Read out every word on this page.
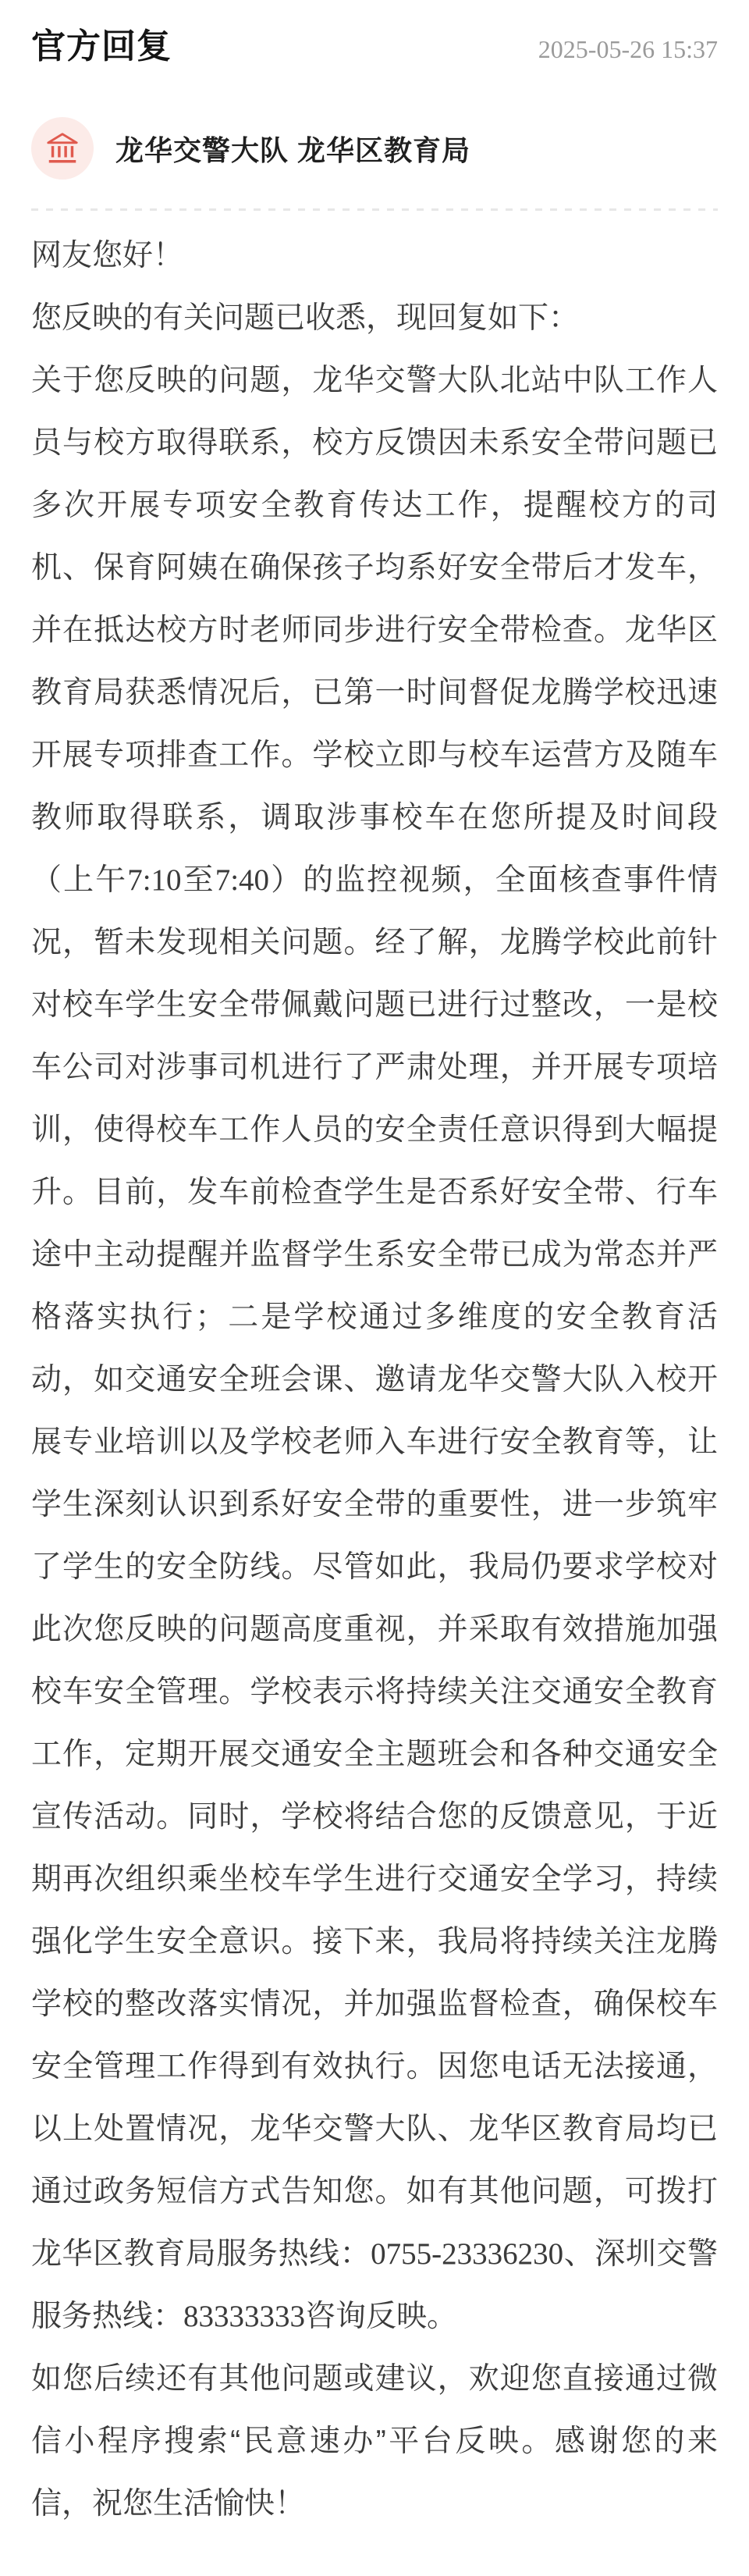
官方回复	2025-05-26 15:37
龙华交警大队 龙华区教育局

网友您好！

您反映的有关问题已收悉，现回复如下：

关于您反映的问题，龙华交警大队北站中队工作人员与校方取得联系，校方反馈因未系安全带问题已多次开展专项安全教育传达工作，提醒校方的司机、保育阿姨在确保孩子均系好安全带后才发车，并在抵达校方时老师同步进行安全带检查。龙华区教育局获悉情况后，已第一时间督促龙腾学校迅速开展专项排查工作。学校立即与校车运营方及随车教师取得联系，调取涉事校车在您所提及时间段（上午7:10至7:40）的监控视频，全面核查事件情况，暂未发现相关问题。经了解，龙腾学校此前针对校车学生安全带佩戴问题已进行过整改，一是校车公司对涉事司机进行了严肃处理，并开展专项培训，使得校车工作人员的安全责任意识得到大幅提升。目前，发车前检查学生是否系好安全带、行车途中主动提醒并监督学生系安全带已成为常态并严格落实执行；二是学校通过多维度的安全教育活动，如交通安全班会课、邀请龙华交警大队入校开展专业培训以及学校老师入车进行安全教育等，让学生深刻认识到系好安全带的重要性，进一步筑牢了学生的安全防线。尽管如此，我局仍要求学校对此次您反映的问题高度重视，并采取有效措施加强校车安全管理。学校表示将持续关注交通安全教育工作，定期开展交通安全主题班会和各种交通安全宣传活动。同时，学校将结合您的反馈意见，于近期再次组织乘坐校车学生进行交通安全学习，持续强化学生安全意识。接下来，我局将持续关注龙腾学校的整改落实情况，并加强监督检查，确保校车安全管理工作得到有效执行。因您电话无法接通，以上处置情况，龙华交警大队、龙华区教育局均已通过政务短信方式告知您。如有其他问题，可拨打龙华区教育局服务热线：0755-23336230、深圳交警服务热线：83333333咨询反映。

如您后续还有其他问题或建议，欢迎您直接通过微信小程序搜索“民意速办”平台反映。感谢您的来信，祝您生活愉快！
